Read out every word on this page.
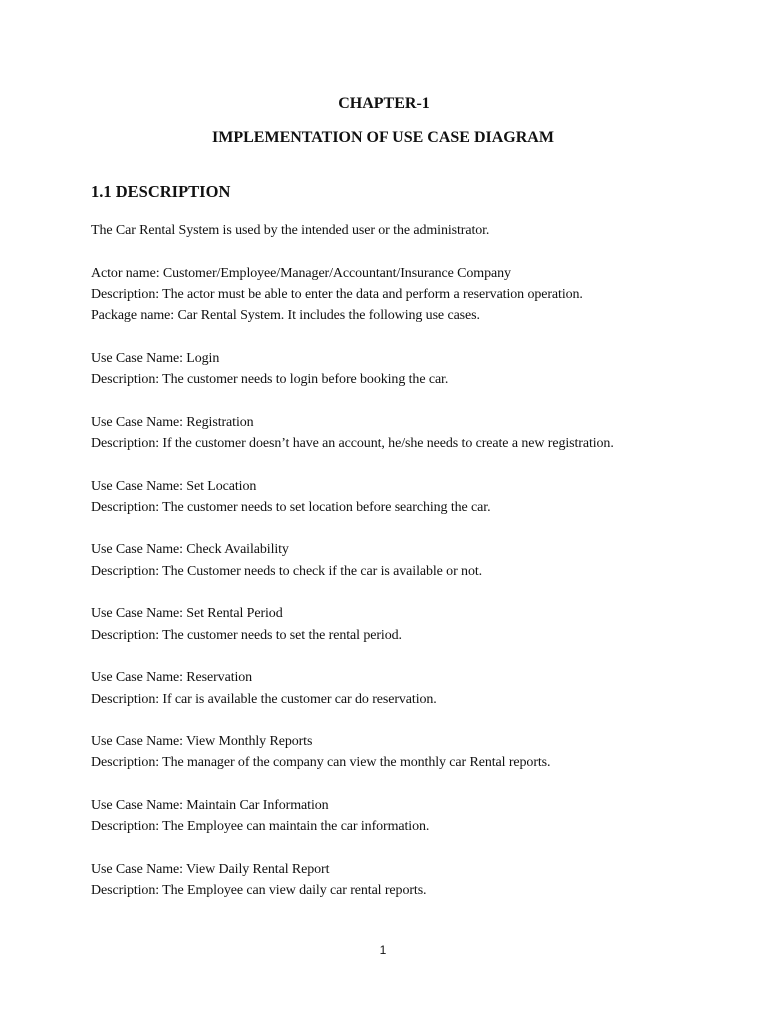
CHAPTER-1
IMPLEMENTATION OF USE CASE DIAGRAM
1.1 DESCRIPTION

The Car Rental System is used by the intended user or the administrator.

Actor name: Customer/Employee/Manager/Accountant/Insurance Company
Description: The actor must be able to enter the data and perform a reservation operation.
Package name: Car Rental System. It includes the following use cases.

Use Case Name: Login
Description: The customer needs to login before booking the car.

Use Case Name: Registration
Description: If the customer doesn’t have an account, he/she needs to create a new registration.

Use Case Name: Set Location
Description: The customer needs to set location before searching the car.

Use Case Name: Check Availability
Description: The Customer needs to check if the car is available or not.

Use Case Name: Set Rental Period
Description: The customer needs to set the rental period.

Use Case Name: Reservation
Description: If car is available the customer car do reservation.

Use Case Name: View Monthly Reports
Description: The manager of the company can view the monthly car Rental reports.

Use Case Name: Maintain Car Information
Description: The Employee can maintain the car information.

Use Case Name: View Daily Rental Report
Description: The Employee can view daily car rental reports.

1
